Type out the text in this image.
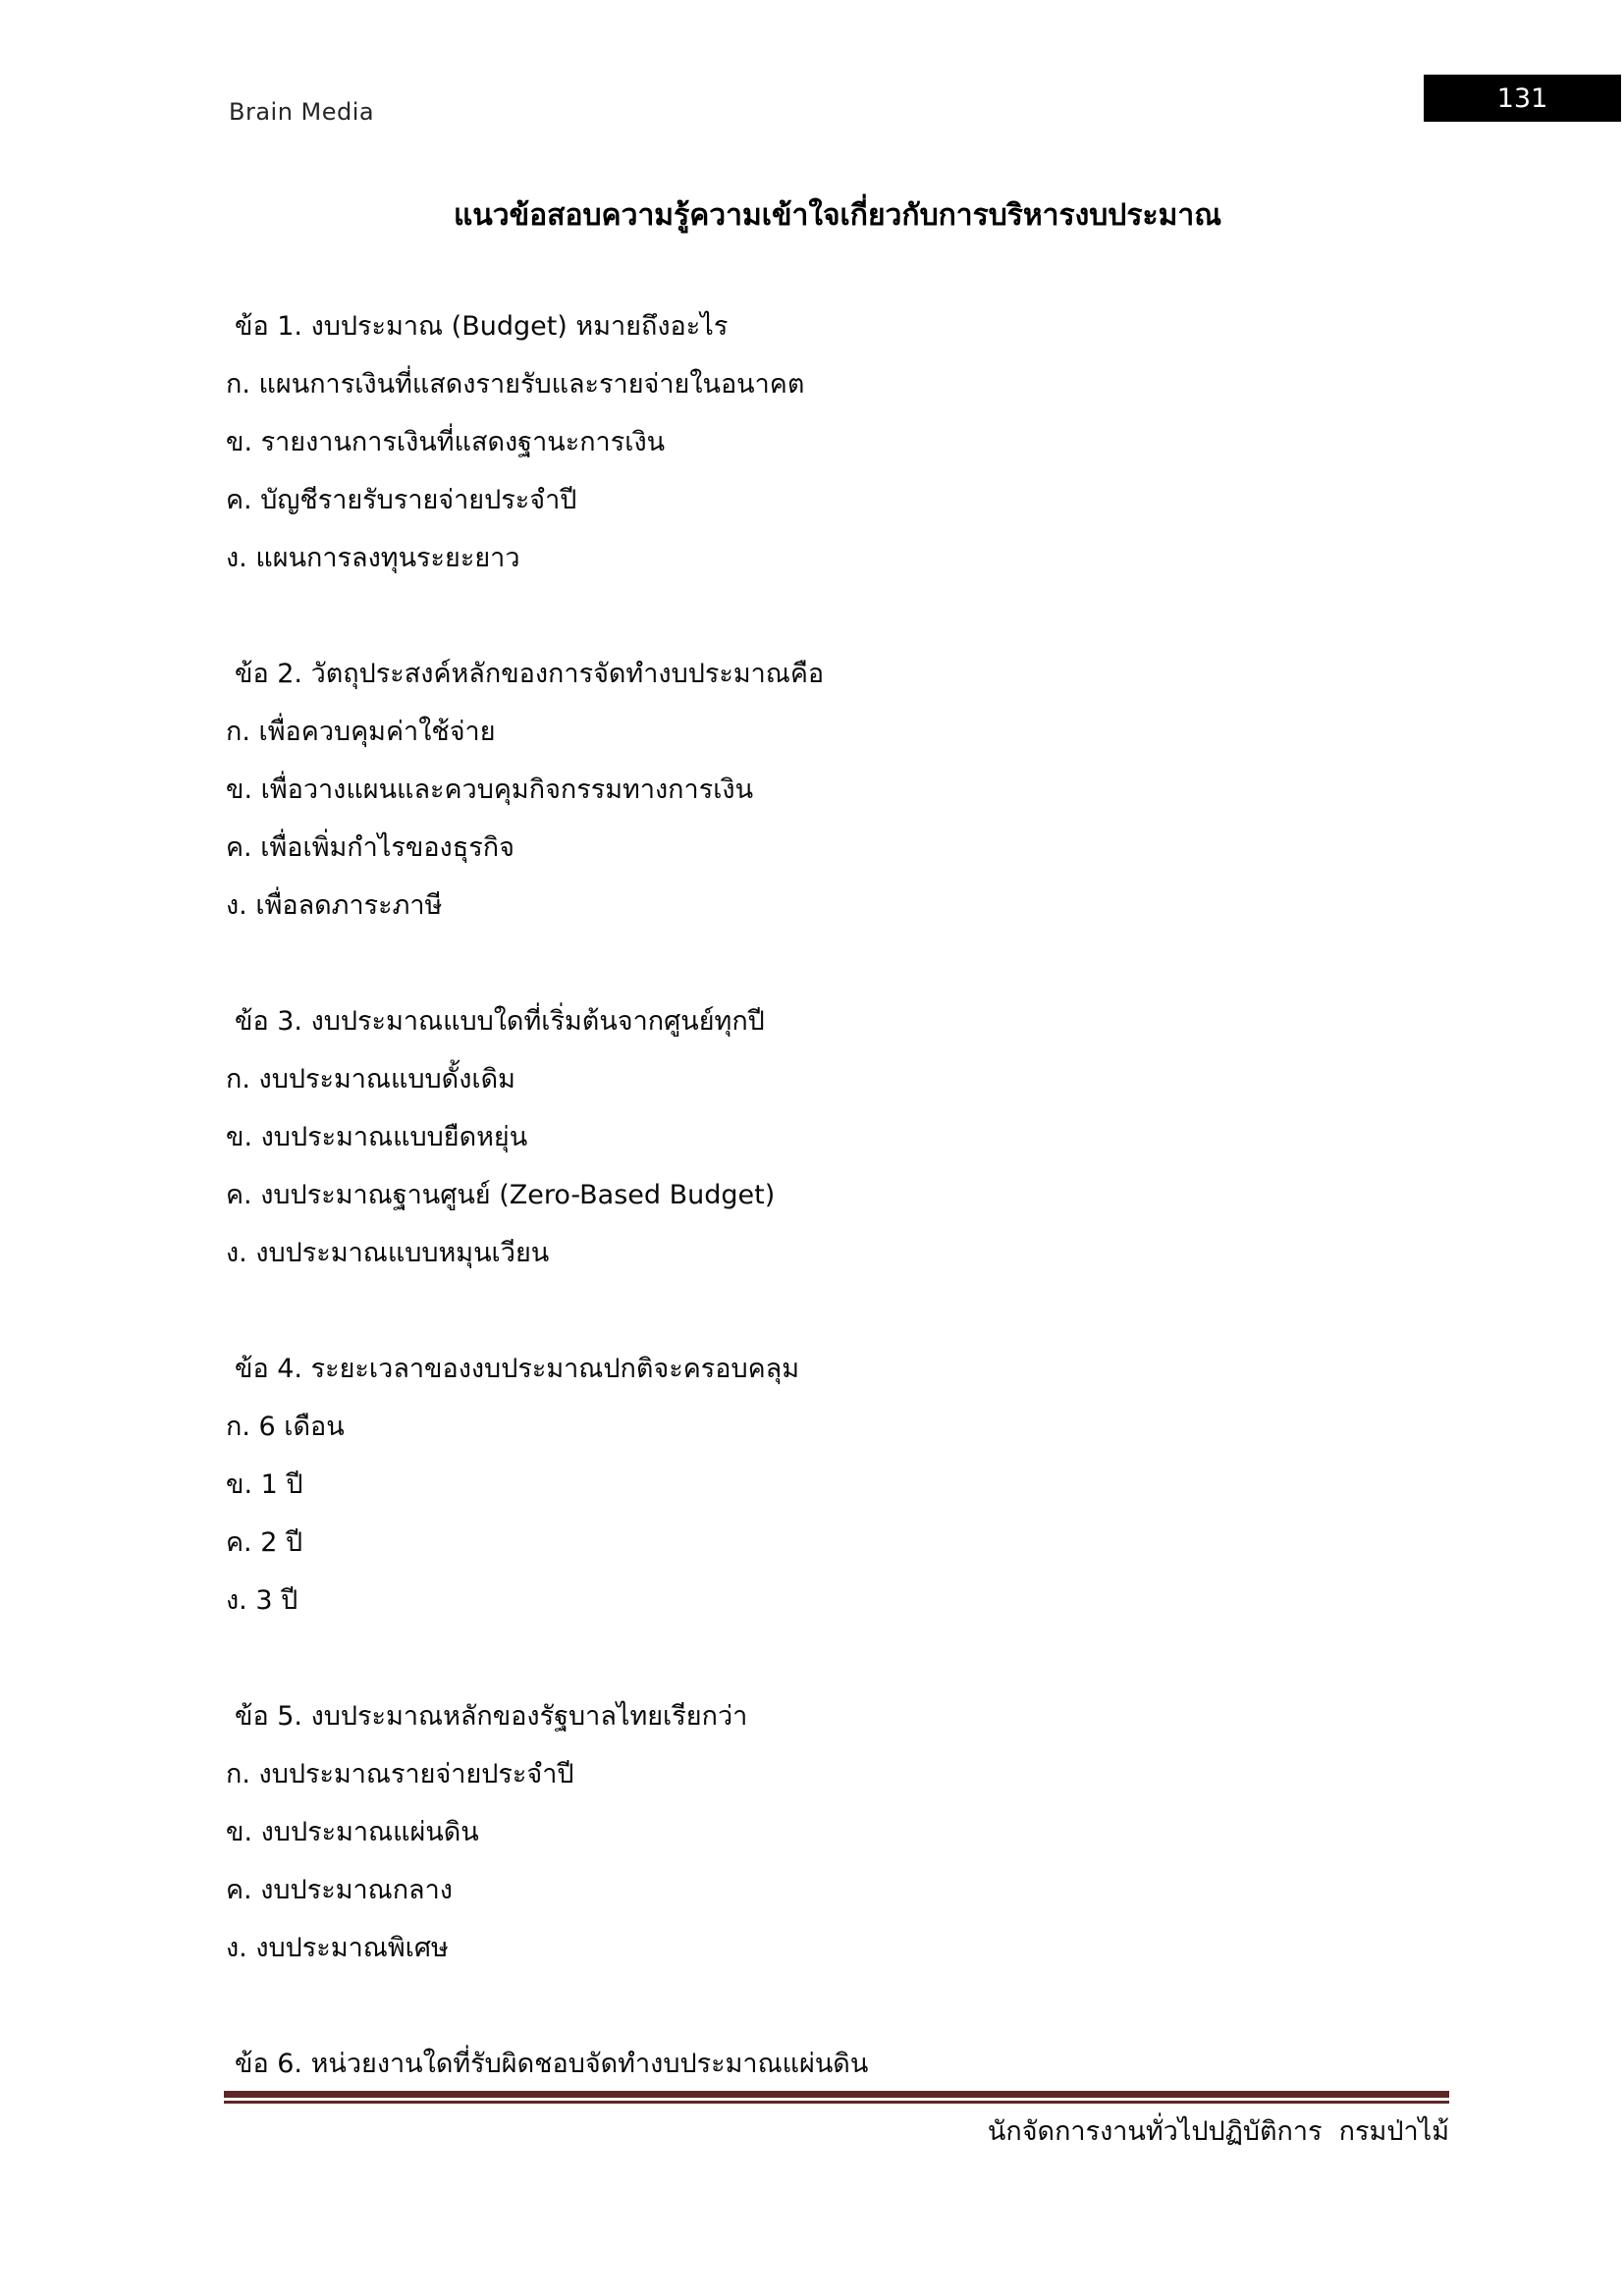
Brain Media	131
แนวข้อสอบความรู้ความเข้าใจเกี่ยวกับการบริหารงบประมาณ
ข้อ 1. งบประมาณ (Budget) หมายถึงอะไร
ก. แผนการเงินที่แสดงรายรับและรายจ่ายในอนาคต
ข. รายงานการเงินที่แสดงฐานะการเงิน
ค. บัญชีรายรับรายจ่ายประจำปี
ง. แผนการลงทุนระยะยาว
ข้อ 2. วัตถุประสงค์หลักของการจัดทำงบประมาณคือ
ก. เพื่อควบคุมค่าใช้จ่าย
ข. เพื่อวางแผนและควบคุมกิจกรรมทางการเงิน
ค. เพื่อเพิ่มกำไรของธุรกิจ
ง. เพื่อลดภาระภาษี
ข้อ 3. งบประมาณแบบใดที่เริ่มต้นจากศูนย์ทุกปี
ก. งบประมาณแบบดั้งเดิม
ข. งบประมาณแบบยืดหยุ่น
ค. งบประมาณฐานศูนย์ (Zero-Based Budget)
ง. งบประมาณแบบหมุนเวียน
ข้อ 4. ระยะเวลาของงบประมาณปกติจะครอบคลุม
ก. 6 เดือน
ข. 1 ปี
ค. 2 ปี
ง. 3 ปี
ข้อ 5. งบประมาณหลักของรัฐบาลไทยเรียกว่า
ก. งบประมาณรายจ่ายประจำปี
ข. งบประมาณแผ่นดิน
ค. งบประมาณกลาง
ง. งบประมาณพิเศษ
ข้อ 6. หน่วยงานใดที่รับผิดชอบจัดทำงบประมาณแผ่นดิน
นักจัดการงานทั่วไปปฏิบัติการ  กรมป่าไม้
